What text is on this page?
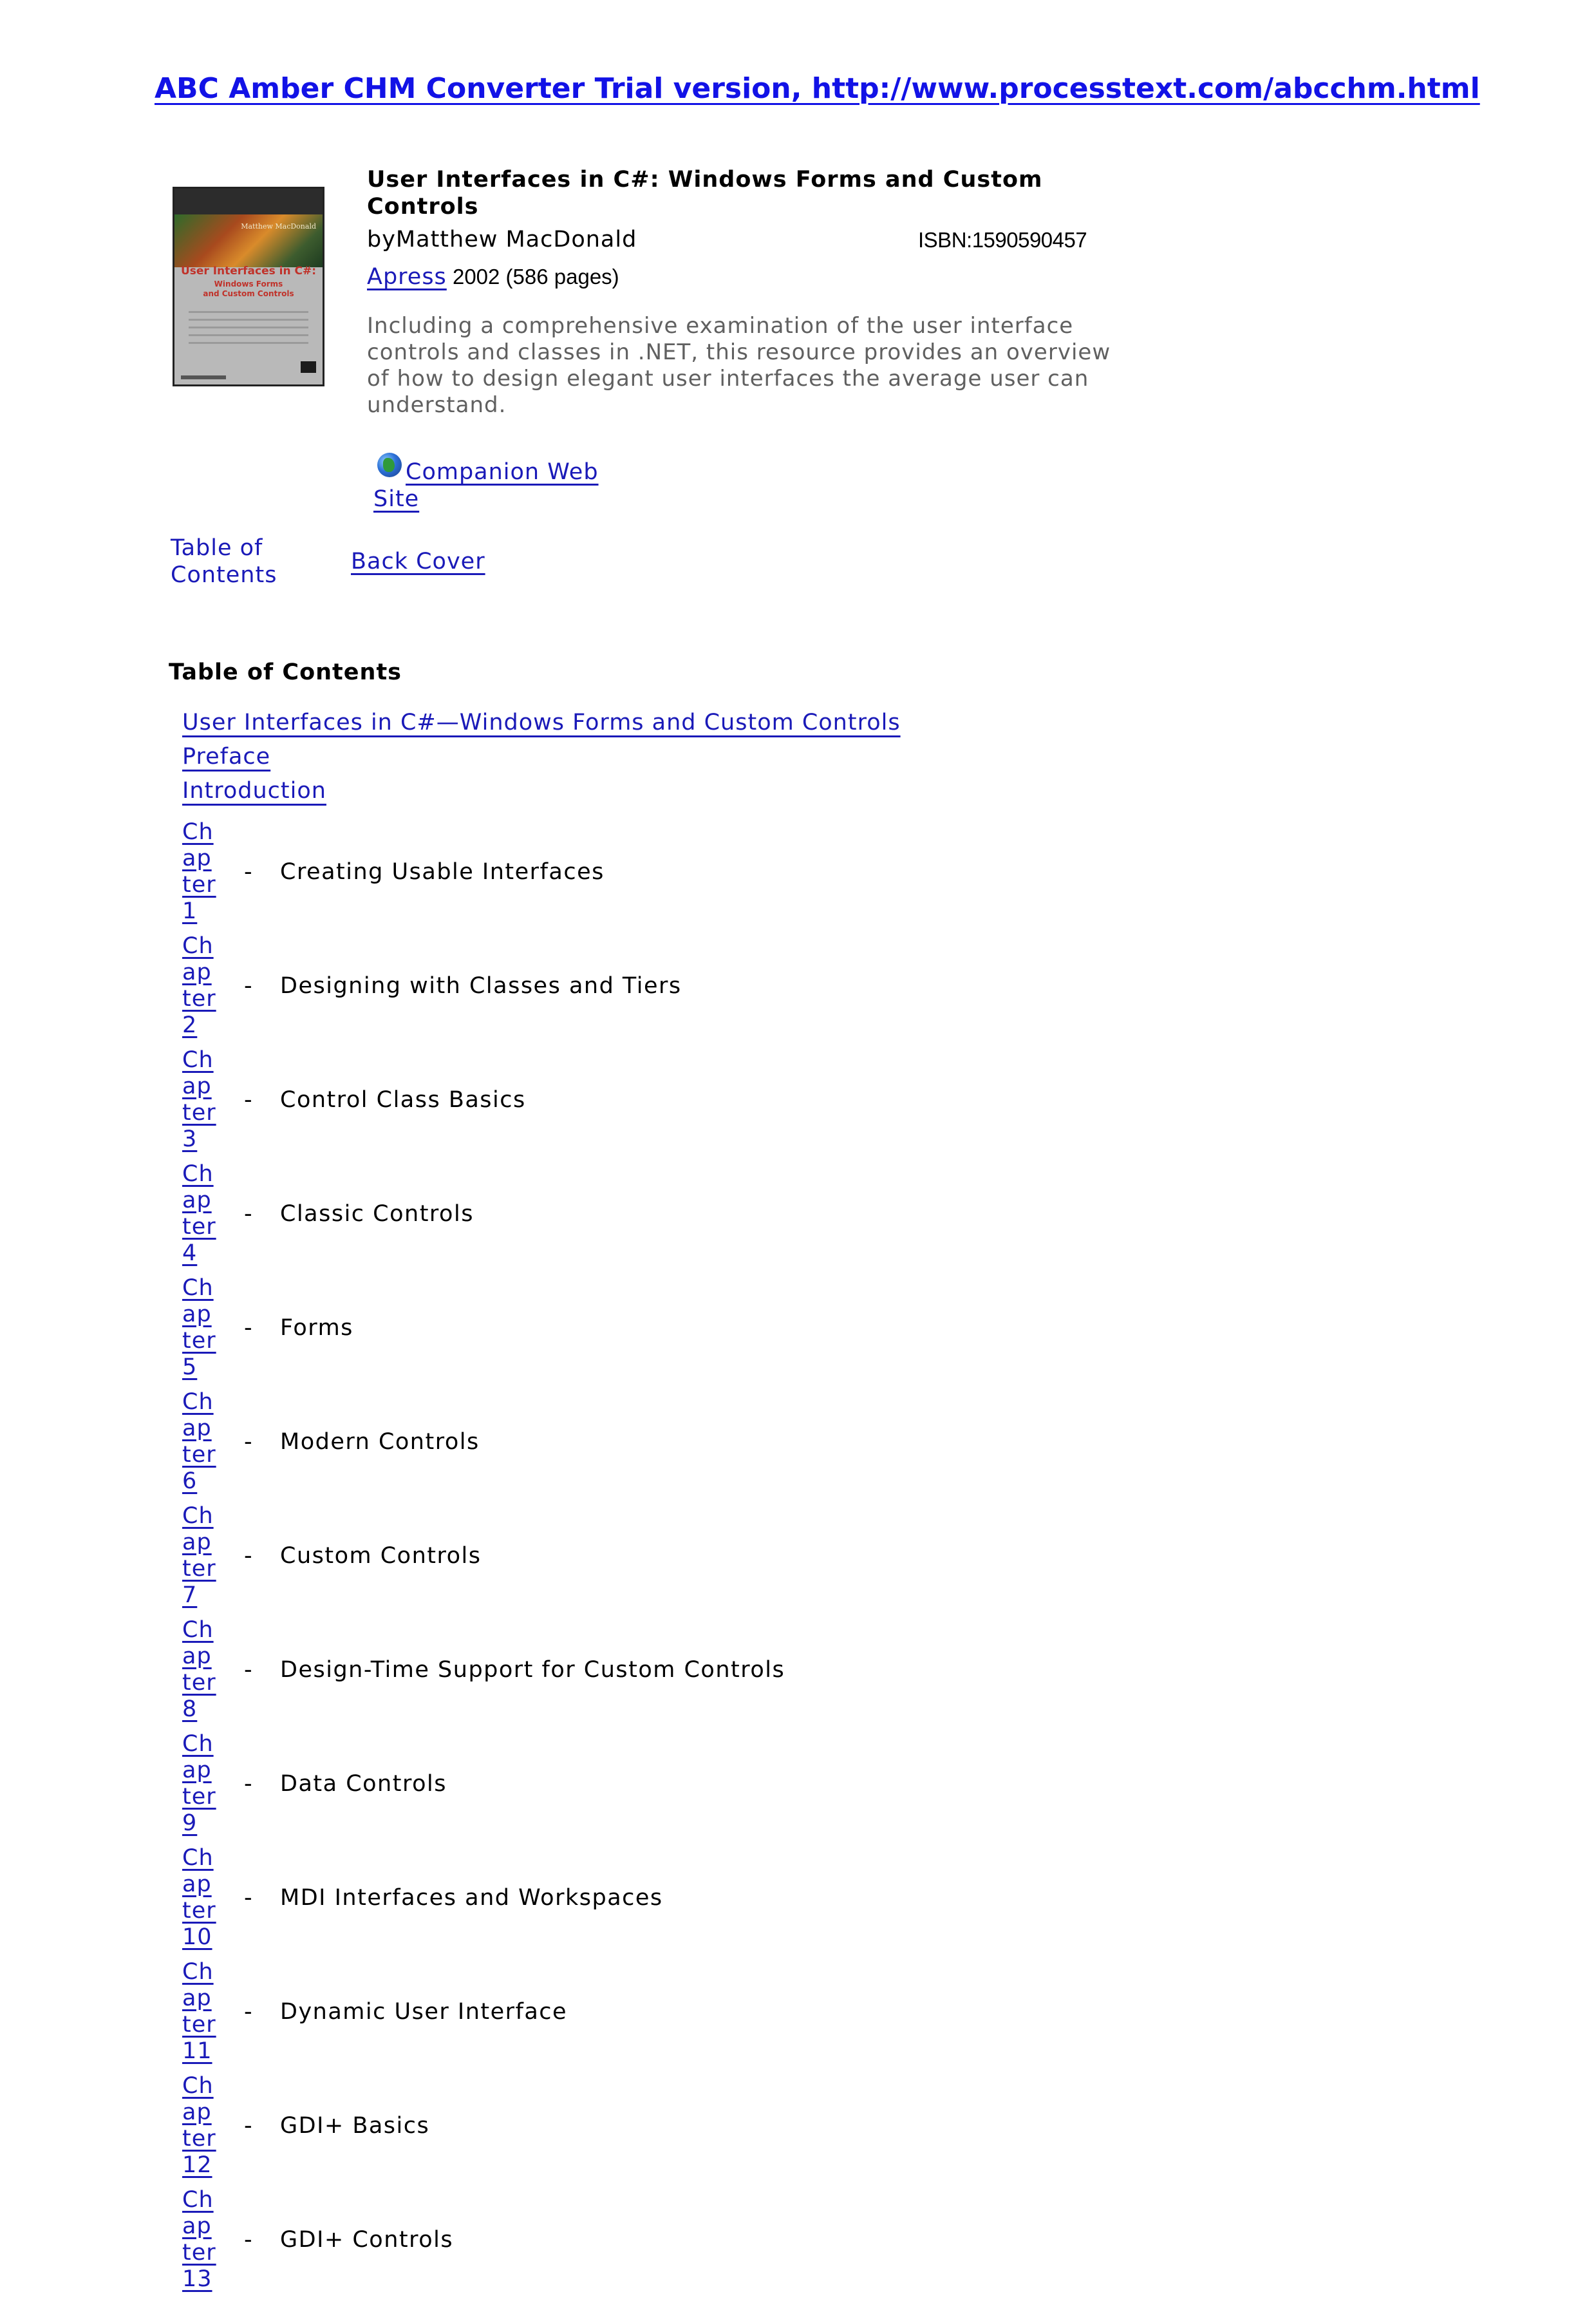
ABC Amber CHM Converter Trial version, http://www.processtext.com/abcchm.html
Matthew MacDonald
User Interfaces in C#:
Windows Forms
and Custom Controls
User Interfaces in C#: Windows Forms and Custom Controls
byMatthew MacDonald	ISBN:1590590457
Apress 2002 (586 pages)
Including a comprehensive examination of the user interface controls and classes in .NET, this resource provides an overview of how to design elegant user interfaces the average user can understand.
Companion Web Site
Table of Contents
Back Cover
Table of Contents
User Interfaces in C#—Windows Forms and Custom Controls
Preface
Introduction
Chapter 1
- Creating Usable Interfaces
Chapter 2
- Designing with Classes and Tiers
Chapter 3
- Control Class Basics
Chapter 4
- Classic Controls
Chapter 5
- Forms
Chapter 6
- Modern Controls
Chapter 7
- Custom Controls
Chapter 8
- Design-Time Support for Custom Controls
Chapter 9
- Data Controls
Chapter 10
- MDI Interfaces and Workspaces
Chapter 11
- Dynamic User Interface
Chapter 12
- GDI+ Basics
Chapter 13
- GDI+ Controls
